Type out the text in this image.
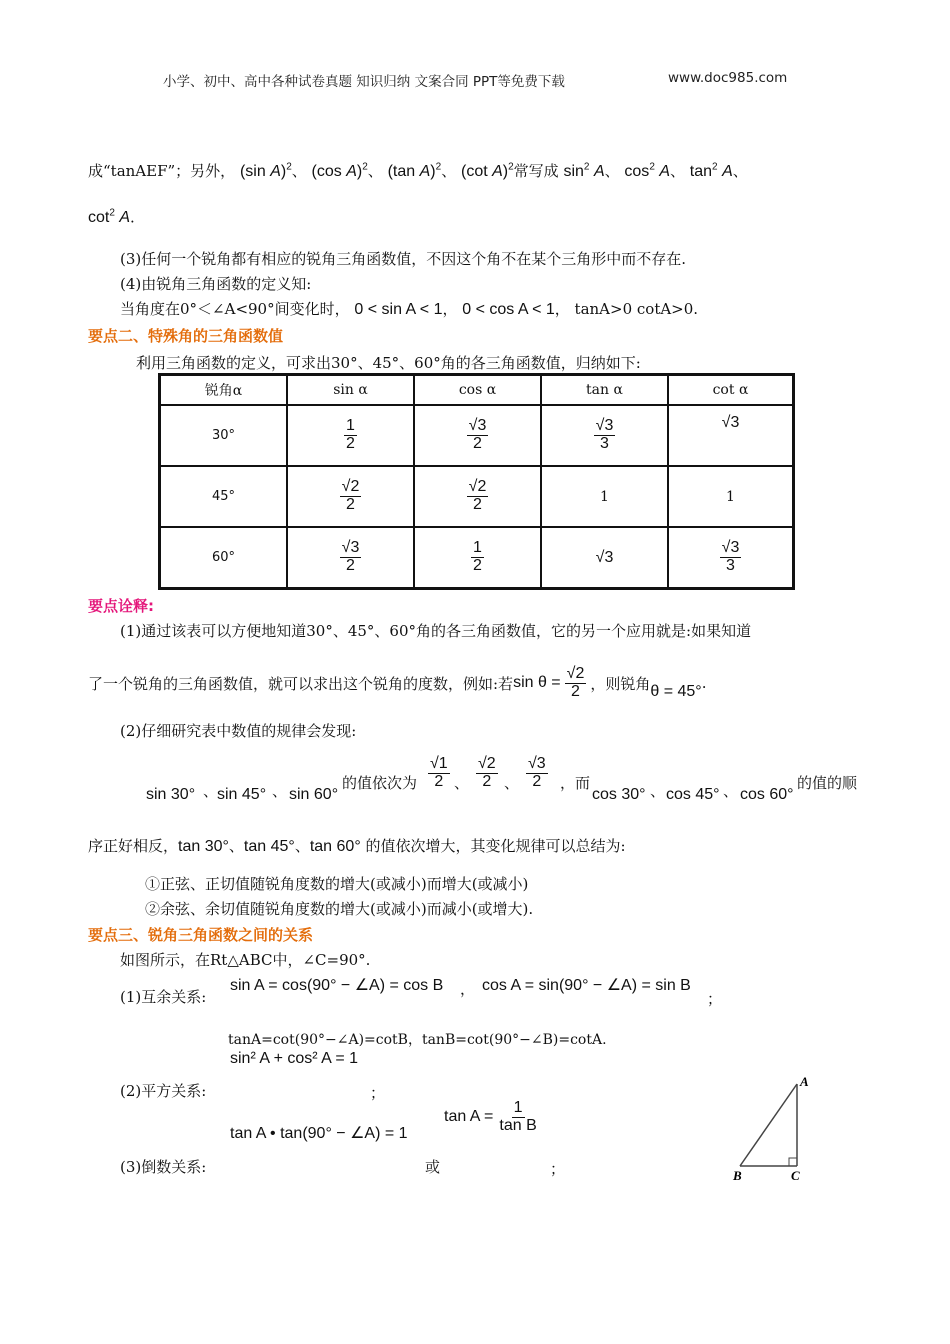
小学、初中、高中各种试卷真题 知识归纳 文案合同 PPT等免费下载	www.doc985.com
成“tanAEF”；另外， (sin A)$^2$、 (cos A)$^2$、 (tan A)$^2$、 (cot A)$^2$常写成 $\sin^2 A$、 $\cos^2 A$、 $\tan^2 A$、
$\cot^2 A$.
(3)任何一个锐角都有相应的锐角三角函数值，不因这个角不在某个三角形中而不存在.
(4)由锐角三角函数的定义知:
当角度在0°＜∠A<90°间变化时， 0 < sin A < 1， 0 < cos A < 1， tanA>0 cotA>0.
要点二、特殊角的三角函数值
利用三角函数的定义，可求出30°、45°、60°角的各三角函数值，归纳如下:
锐角α	sin α	cos α	tan α	cot α
30°	$\frac{1}{2}$	$\frac{√3}{2}$	$\frac{√3}{3}$	√3
45°	$\frac{√2}{2}$	$\frac{√2}{2}$	1	1
60°	$\frac{√3}{2}$	$\frac{1}{2}$	√3	$\frac{√3}{3}$
要点诠释:
(1)通过该表可以方便地知道30°、45°、60°角的各三角函数值，它的另一个应用就是:如果知道
了一个锐角的三角函数值，就可以求出这个锐角的度数，例如:若 $\sin \theta = \frac{√2}{2}$ ，则锐角 θ = 45° .
(2)仔细研究表中数值的规律会发现:
sin 30° 、
sin 45° 、 sin 60°
的值依次为 $\frac{√1}{2}$ 、 $\frac{√2}{2}$ 、 $\frac{√3}{2}$ ，而
cos 30° 、 cos 45° 、 cos 60°
的值的顺
序正好相反，tan 30°、tan 45°、tan 60° 的值依次增大，其变化规律可以总结为:
①正弦、正切值随锐角度数的增大(或减小)而增大(或减小)
②余弦、余切值随锐角度数的增大(或减小)而减小(或增大).
要点三、锐角三角函数之间的关系
如图所示，在Rt△ABC中，∠C=90°.
(1)互余关系:
sin A = cos(90° − ∠A) = cos B ， cos A = sin(90° − ∠A) = sin B
；
tanA=cot(90°−∠A)=cotB，tanB=cot(90°−∠B)=cotA.
sin² A + cos² A = 1
(2)平方关系:	；
tan A • tan(90° − ∠A) = 1
$\tan A = \frac{1}{\text{tan B}}$
(3)倒数关系:	或	；
A
B	C
